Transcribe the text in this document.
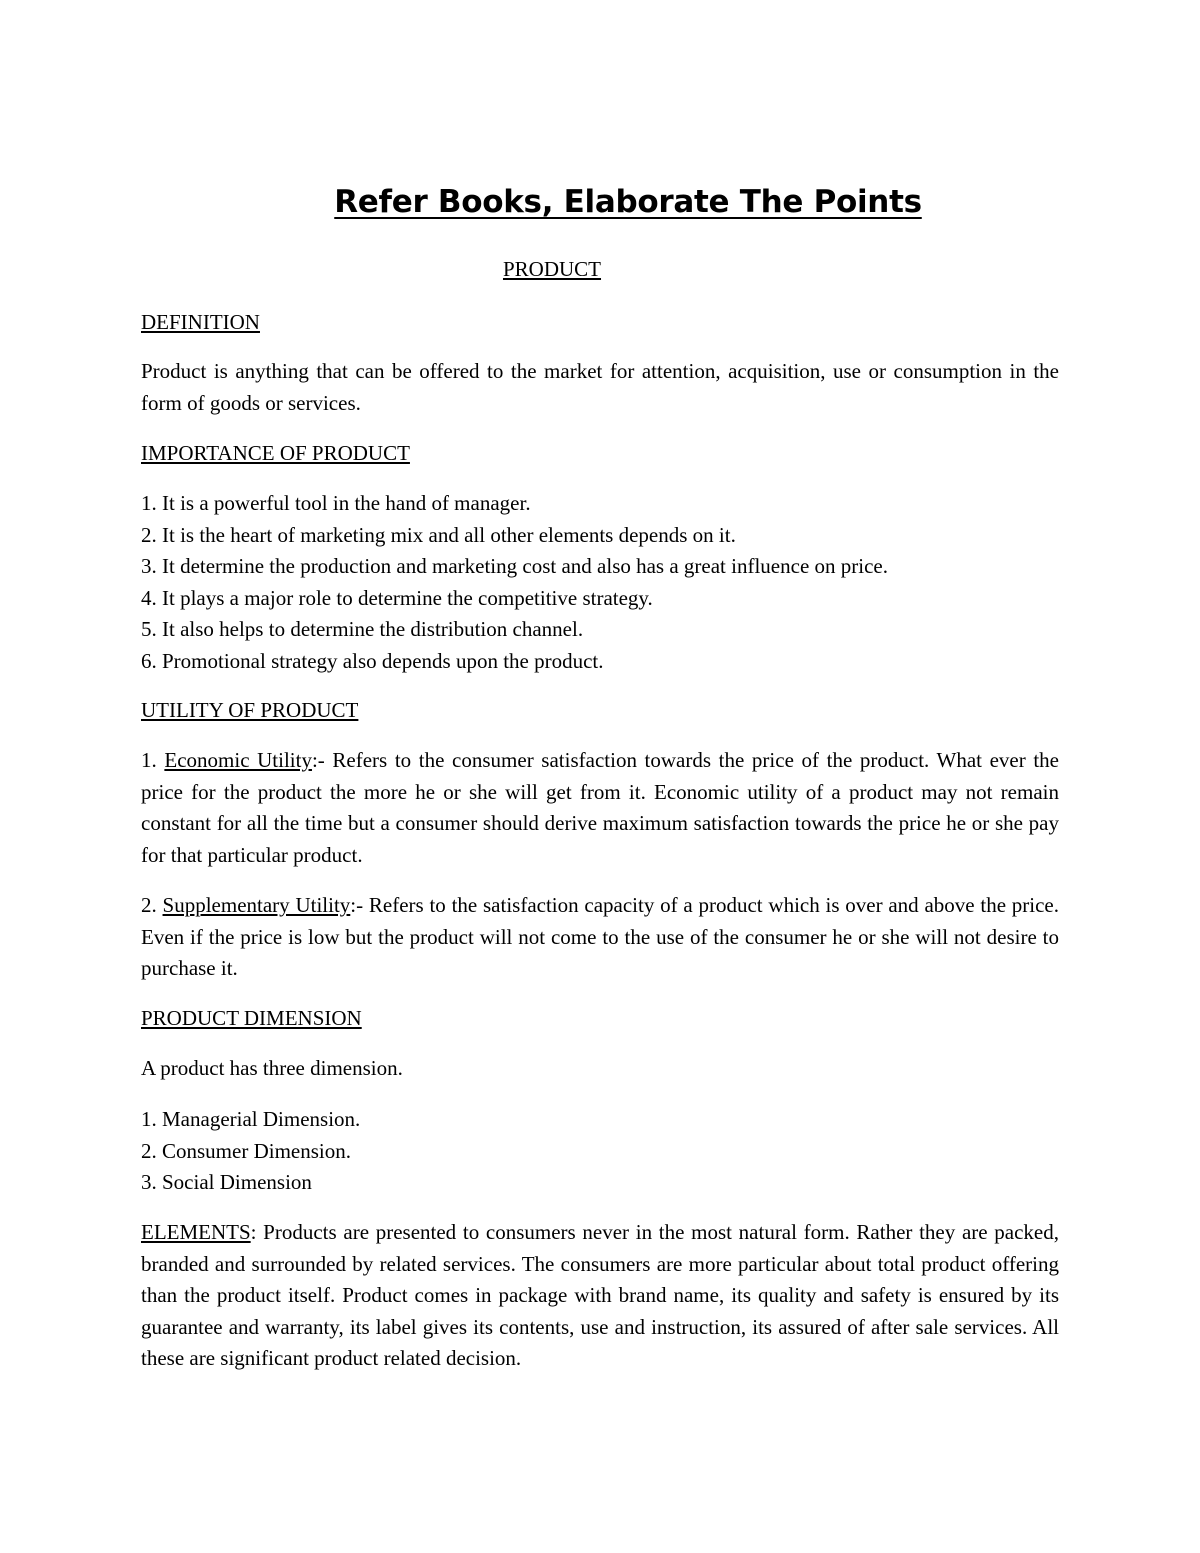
Refer Books, Elaborate The Points
PRODUCT
DEFINITION

Product is anything that can be offered to the market for attention, acquisition, use or consumption in the form of goods or services.

IMPORTANCE OF PRODUCT
1. It is a powerful tool in the hand of manager.
2. It is the heart of marketing mix and all other elements depends on it.
3. It determine the production and marketing cost and also has a great influence on price.
4. It plays a major role to determine the competitive strategy.
5. It also helps to determine the distribution channel.
6. Promotional strategy also depends upon the product.
UTILITY OF PRODUCT

1. Economic Utility:- Refers to the consumer satisfaction towards the price of the product. What ever the price for the product the more he or she will get from it. Economic utility of a product may not remain constant for all the time but a consumer should derive maximum satisfaction towards the price he or she pay for that particular product.

2. Supplementary Utility:- Refers to the satisfaction capacity of a product which is over and above the price. Even if the price is low but the product will not come to the use of the consumer he or she will not desire to purchase it.

PRODUCT DIMENSION
A product has three dimension.
1. Managerial Dimension.
2. Consumer Dimension.
3. Social Dimension

ELEMENTS: Products are presented to consumers never in the most natural form. Rather they are packed, branded and surrounded by related services. The consumers are more particular about total product offering than the product itself. Product comes in package with brand name, its quality and safety is ensured by its guarantee and warranty, its label gives its contents, use and instruction, its assured of after sale services. All these are significant product related decision.
